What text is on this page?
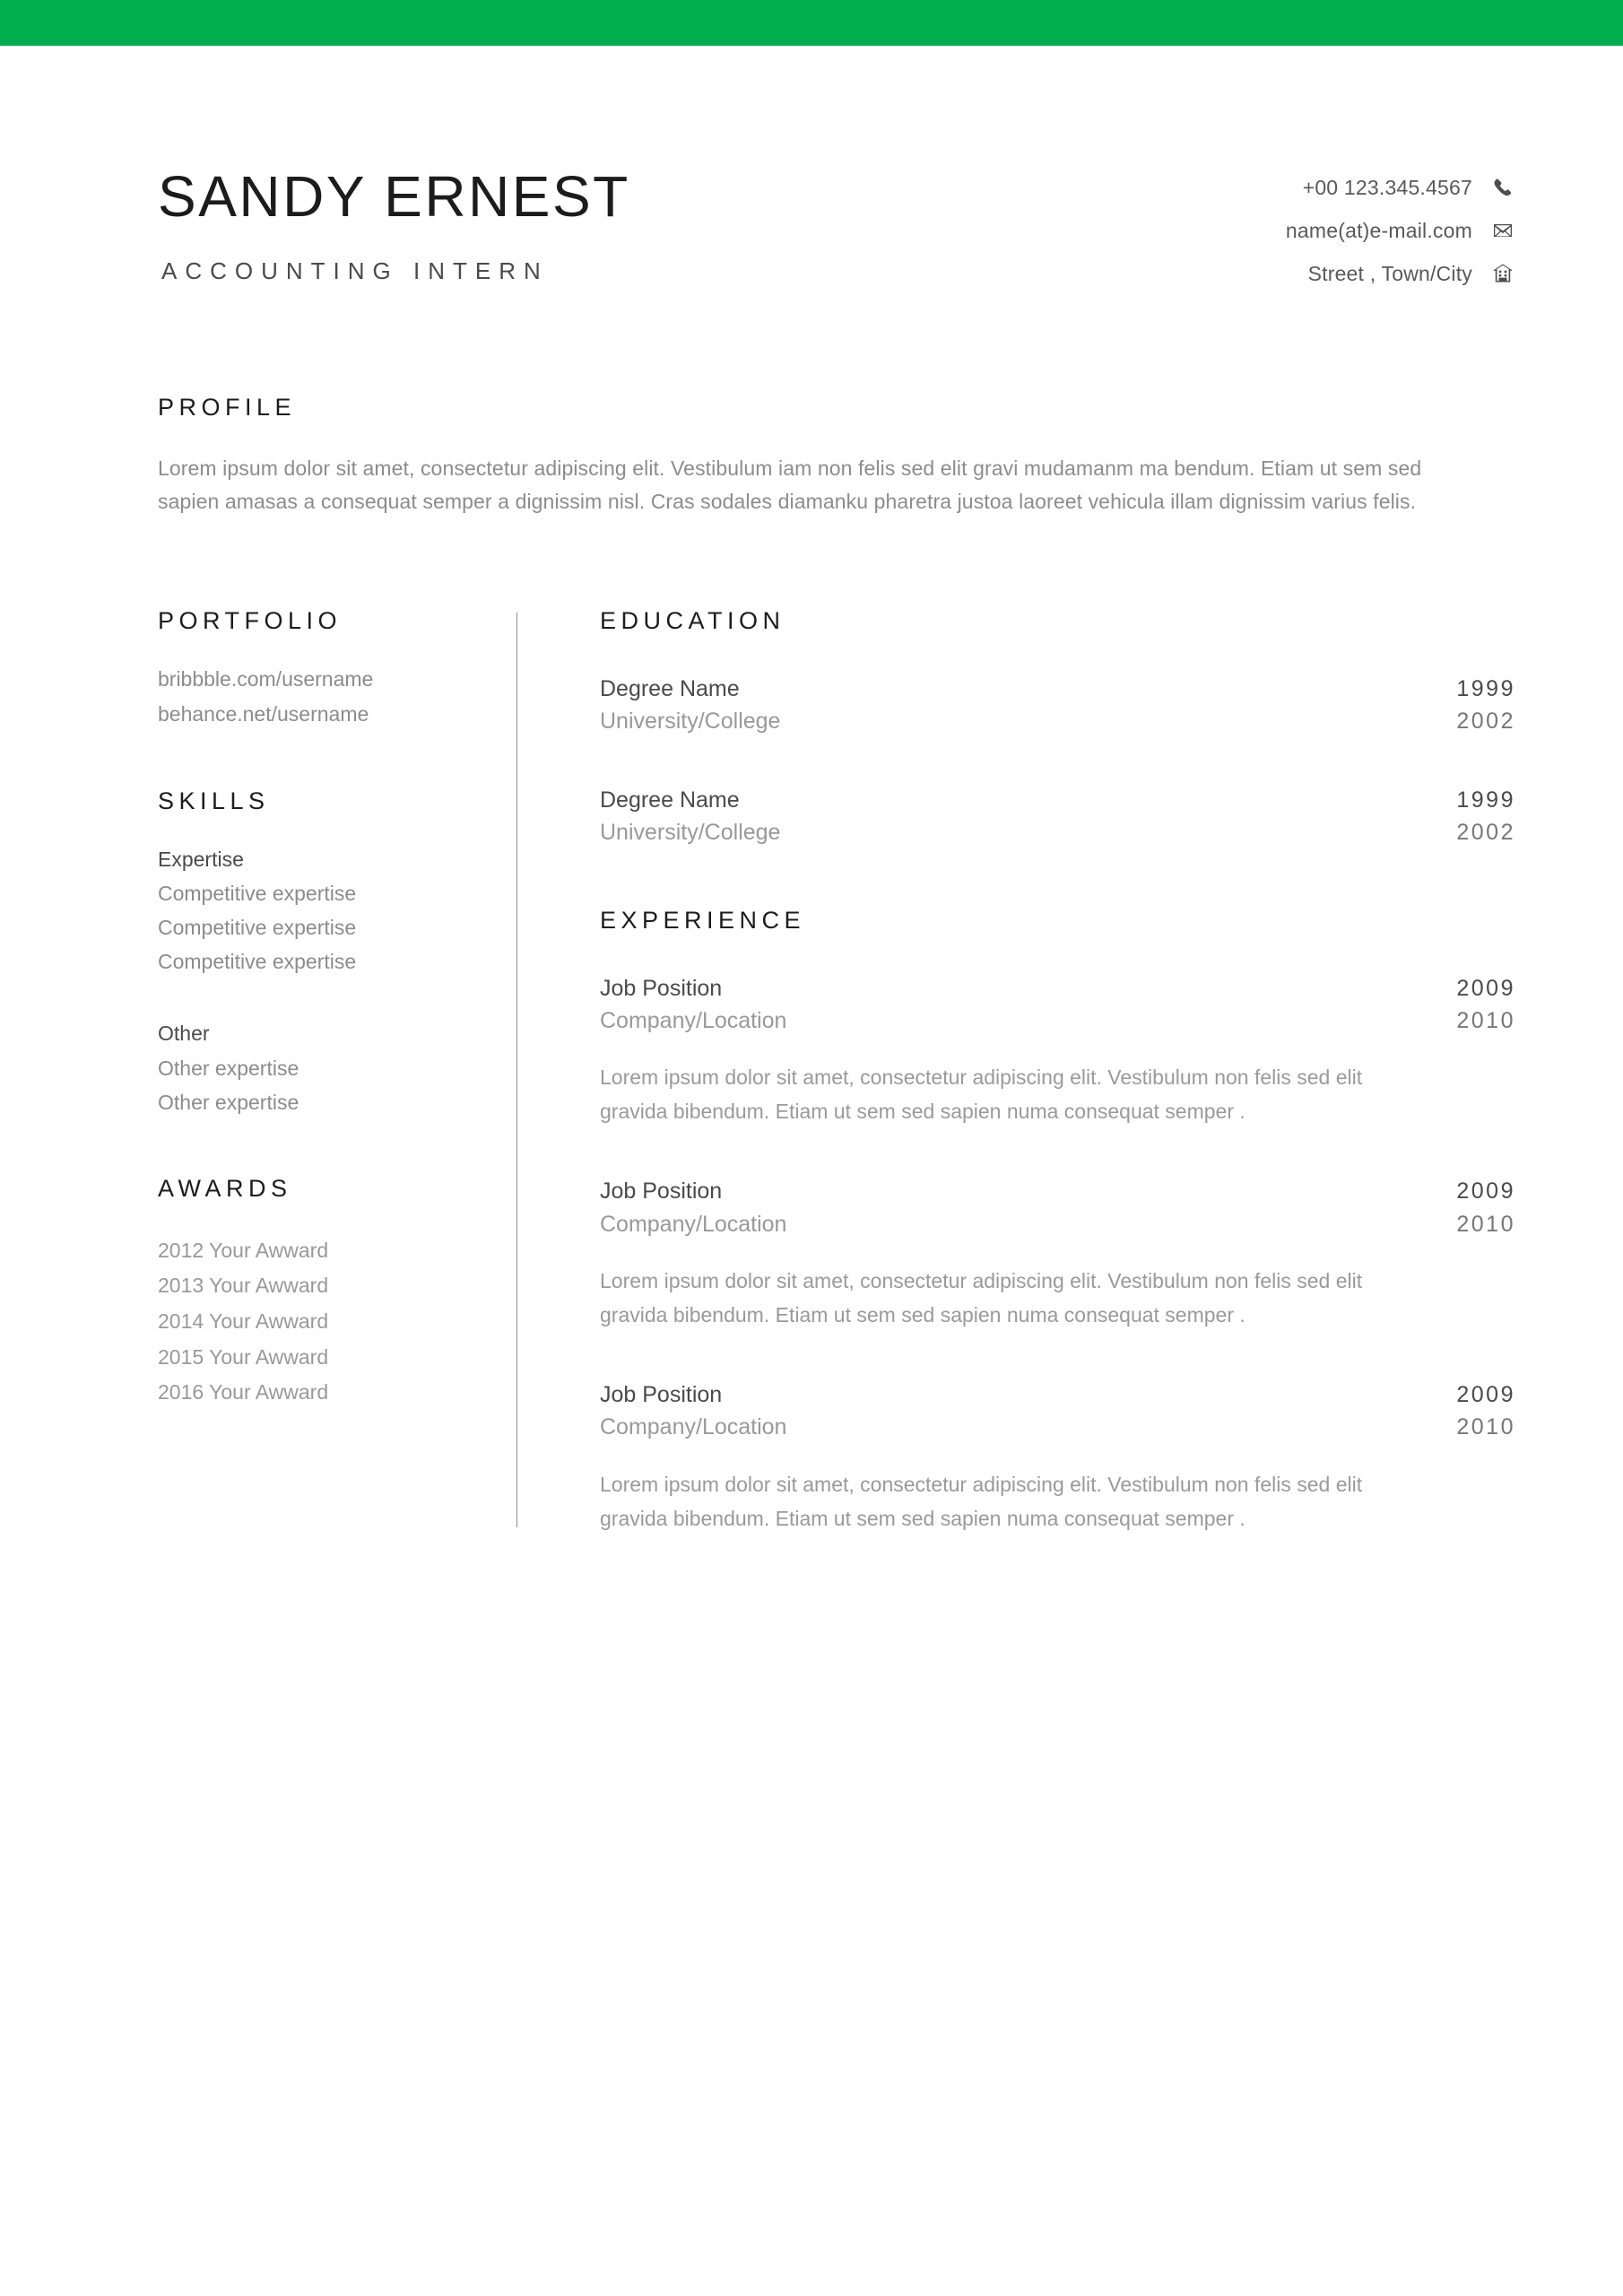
SANDY ERNEST
ACCOUNTING INTERN
+00 123.345.4567
name(at)e-mail.com
Street , Town/City
PROFILE

Lorem ipsum dolor sit amet, consectetur adipiscing elit. Vestibulum iam non felis sed elit gravi mudamanm ma bendum. Etiam ut sem sed sapien amasas a consequat semper a dignissim nisl. Cras sodales diamanku pharetra justoa laoreet vehicula illam dignissim varius felis.

PORTFOLIO
bribbble.com/username
behance.net/username
SKILLS
Expertise
Competitive expertise
Competitive expertise
Competitive expertise
Other
Other expertise
Other expertise
AWARDS
2012 Your Awward
2013 Your Awward
2014 Your Awward
2015 Your Awward
2016 Your Awward
EDUCATION
Degree Name	1999
University/College	2002
Degree Name	1999
University/College	2002
EXPERIENCE
Job Position	2009
Company/Location	2010

Lorem ipsum dolor sit amet, consectetur adipiscing elit. Vestibulum non felis sed elit gravida bibendum. Etiam ut sem sed sapien numa consequat semper .

Job Position	2009
Company/Location	2010

Lorem ipsum dolor sit amet, consectetur adipiscing elit. Vestibulum non felis sed elit gravida bibendum. Etiam ut sem sed sapien numa consequat semper .

Job Position	2009
Company/Location	2010

Lorem ipsum dolor sit amet, consectetur adipiscing elit. Vestibulum non felis sed elit gravida bibendum. Etiam ut sem sed sapien numa consequat semper .
